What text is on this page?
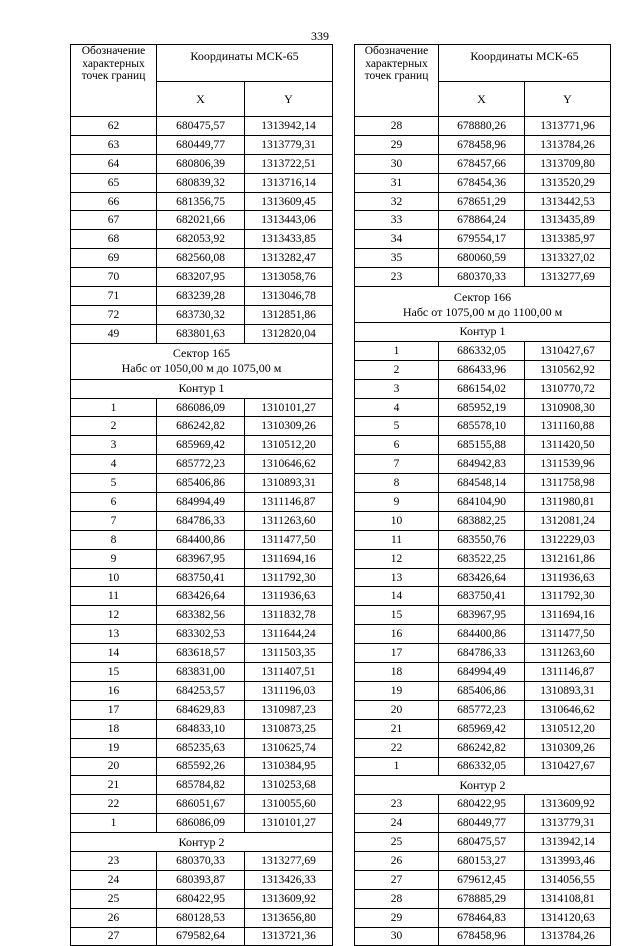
339
Обозначение характерных точек границ	Координаты МСК-65	
	X	Y
62	680475,57	1313942,14
63	680449,77	1313779,31
64	680806,39	1313722,51
65	680839,32	1313716,14
66	681356,75	1313609,45
67	682021,66	1313443,06
68	682053,92	1313433,85
69	682560,08	1313282,47
70	683207,95	1313058,76
71	683239,28	1313046,78
72	683730,32	1312851,86
49	683801,63	1312820,04

Сектор 165
Набс от 1050,00 м до 1075,00 м		

Контур 1		
1	686086,09	1310101,27
2	686242,82	1310309,26
3	685969,42	1310512,20
4	685772,23	1310646,62
5	685406,86	1310893,31
6	684994,49	1311146,87
7	684786,33	1311263,60
8	684400,86	1311477,50
9	683967,95	1311694,16
10	683750,41	1311792,30
11	683426,64	1311936,63
12	683382,56	1311832,78
13	683302,53	1311644,24
14	683618,57	1311503,35
15	683831,00	1311407,51
16	684253,57	1311196,03
17	684629,83	1310987,23
18	684833,10	1310873,25
19	685235,63	1310625,74
20	685592,26	1310384,95
21	685784,82	1310253,68
22	686051,67	1310055,60
1	686086,09	1310101,27
Контур 2		
23	680370,33	1313277,69
24	680393,87	1313426,33
25	680422,95	1313609,92
26	680128,53	1313656,80
27	679582,64	1313721,36
Обозначение характерных точек границ	Координаты МСК-65	
	X	Y
28	678880,26	1313771,96
29	678458,96	1313784,26
30	678457,66	1313709,80
31	678454,36	1313520,29
32	678651,29	1313442,53
33	678864,24	1313435,89
34	679554,17	1313385,97
35	680060,59	1313327,02
23	680370,33	1313277,69

Сектор 166
Набс от 1075,00 м до 1100,00 м		

Контур 1		
1	686332,05	1310427,67
2	686433,96	1310562,92
3	686154,02	1310770,72
4	685952,19	1310908,30
5	685578,10	1311160,88
6	685155,88	1311420,50
7	684942,83	1311539,96
8	684548,14	1311758,98
9	684104,90	1311980,81
10	683882,25	1312081,24
11	683550,76	1312229,03
12	683522,25	1312161,86
13	683426,64	1311936,63
14	683750,41	1311792,30
15	683967,95	1311694,16
16	684400,86	1311477,50
17	684786,33	1311263,60
18	684994,49	1311146,87
19	685406,86	1310893,31
20	685772,23	1310646,62
21	685969,42	1310512,20
22	686242,82	1310309,26
1	686332,05	1310427,67
Контур 2		
23	680422,95	1313609,92
24	680449,77	1313779,31
25	680475,57	1313942,14
26	680153,27	1313993,46
27	679612,45	1314056,55
28	678885,29	1314108,81
29	678464,83	1314120,63
30	678458,96	1313784,26
